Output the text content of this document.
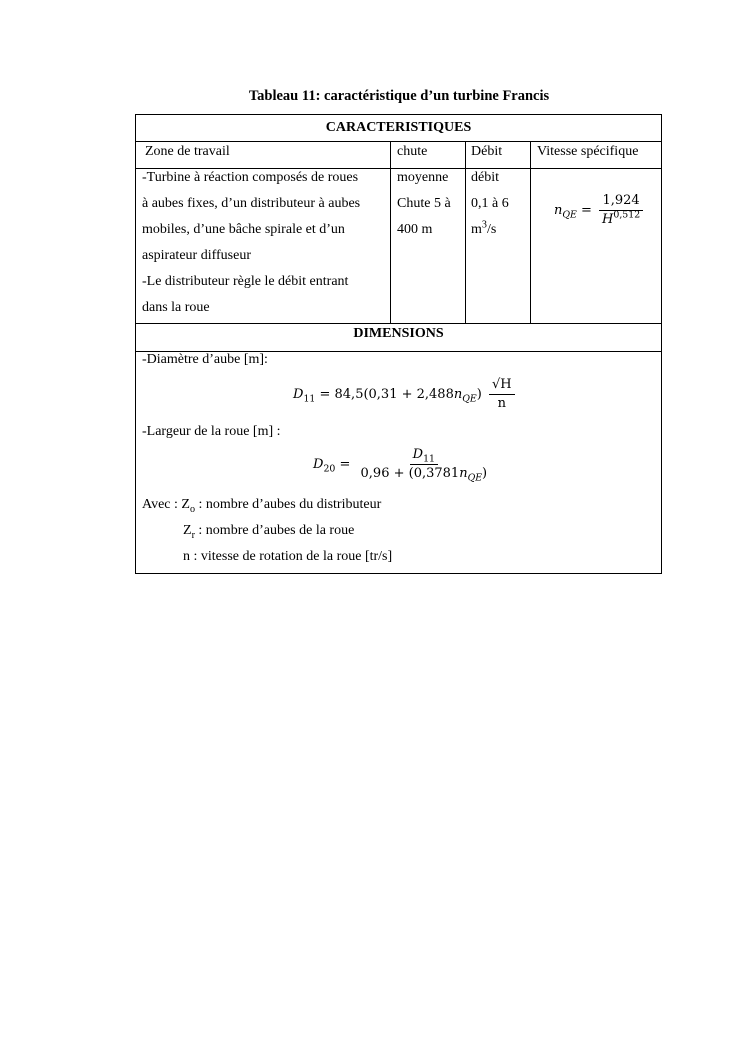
Tableau 11: caractéristique d’un turbine Francis
CARACTERISTIQUES
Zone de travail	chute	Débit Vitesse spécifique
-Turbine à réaction composés de roues
à aubes fixes, d’un distributeur à aubes
mobiles, d’une bâche spirale et d’un
aspirateur diffuseur
-Le distributeur règle le débit entrant
dans la roue
moyenne
Chute 5 à
400 m
débit
0,1 à 6
$m^3/s$
$n_{QE} = \frac{1,924}{H^{0,512}}$
DIMENSIONS
-Diamètre d’aube [m]:
$D_{11} = 84,5(0,31 + 2,488n_{QE}) \frac{√H}{n}$
-Largeur de la roue [m] :
$D_{20} = \frac{D_{11}}{0,96 + (0,3781n_{QE})}$
Avec : $Z_o$ : nombre d’aubes du distributeur
$Z_r$ : nombre d’aubes de la roue
n : vitesse de rotation de la roue [tr/s]
